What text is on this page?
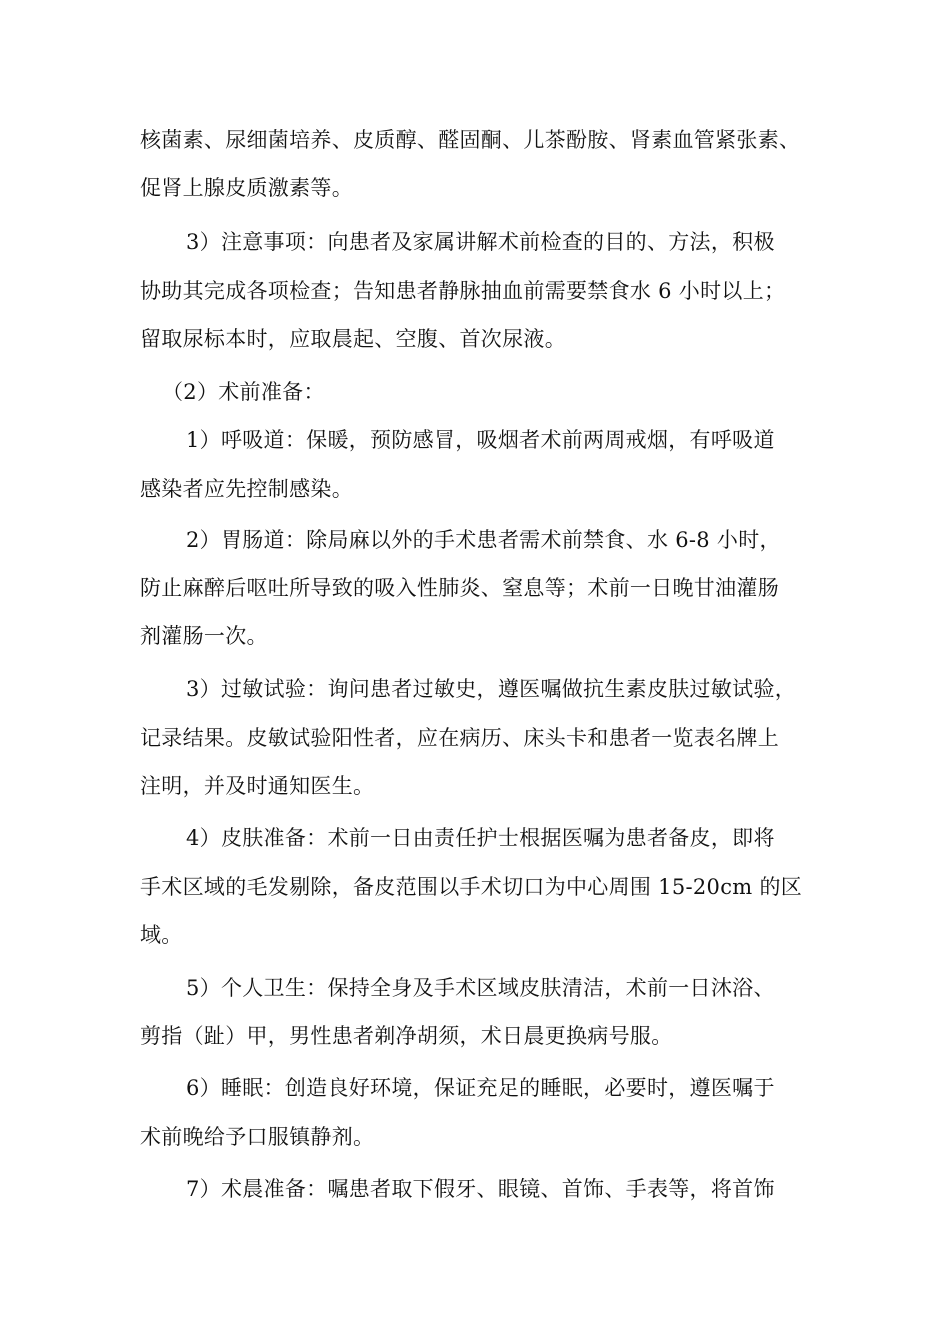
核菌素、尿细菌培养、皮质醇、醛固酮、儿茶酚胺、肾素血管紧张素、
促肾上腺皮质激素等。
3）注意事项：向患者及家属讲解术前检查的目的、方法，积极
协助其完成各项检查；告知患者静脉抽血前需要禁食水 6 小时以上；
留取尿标本时，应取晨起、空腹、首次尿液。
（2）术前准备：
1）呼吸道：保暖，预防感冒，吸烟者术前两周戒烟，有呼吸道
感染者应先控制感染。
2）胃肠道：除局麻以外的手术患者需术前禁食、水 6-8 小时，
防止麻醉后呕吐所导致的吸入性肺炎、窒息等；术前一日晚甘油灌肠
剂灌肠一次。
3）过敏试验：询问患者过敏史，遵医嘱做抗生素皮肤过敏试验，
记录结果。皮敏试验阳性者，应在病历、床头卡和患者一览表名牌上
注明，并及时通知医生。
4）皮肤准备：术前一日由责任护士根据医嘱为患者备皮，即将
手术区域的毛发剔除，备皮范围以手术切口为中心周围 15-20cm 的区
域。
5）个人卫生：保持全身及手术区域皮肤清洁，术前一日沐浴、
剪指（趾）甲，男性患者剃净胡须，术日晨更换病号服。
6）睡眠：创造良好环境，保证充足的睡眠，必要时，遵医嘱于
术前晚给予口服镇静剂。
7）术晨准备：嘱患者取下假牙、眼镜、首饰、手表等，将首饰
